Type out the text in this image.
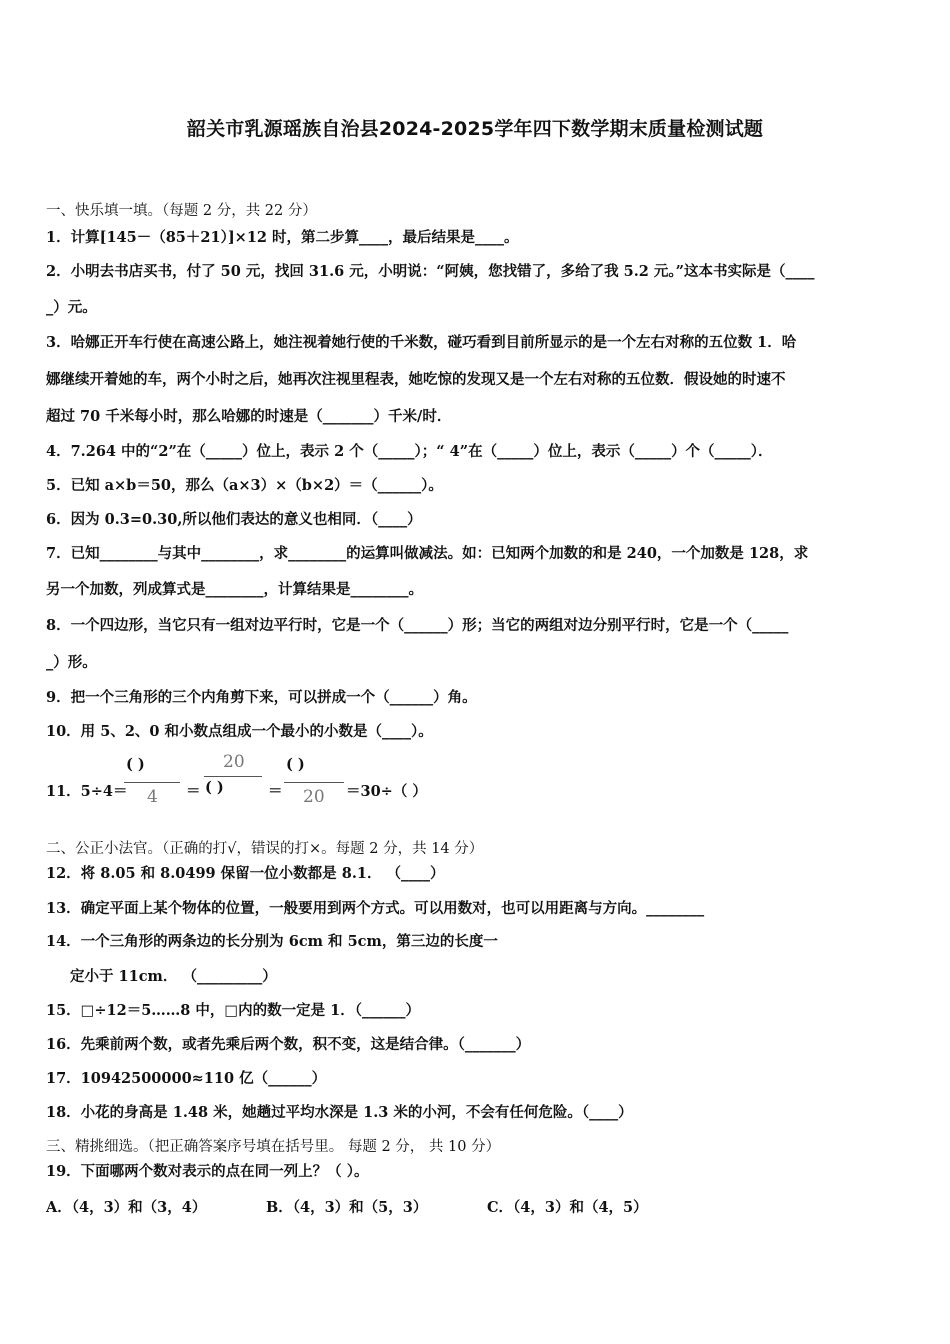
韶关市乳源瑶族自治县2024-2025学年四下数学期末质量检测试题
一、快乐填一填。（每题 2 分，共 22 分）
1．计算[145－（85＋21）]×12 时，第二步算____，最后结果是____。
2．小明去书店买书，付了 50 元，找回 31.6 元，小明说：“阿姨，您找错了，多给了我 5.2 元。”这本书实际是（____
_）元。
3．哈娜正开车行使在高速公路上，她注视着她行使的千米数，碰巧看到目前所显示的是一个左右对称的五位数 1．哈
娜继续开着她的车，两个小时之后，她再次注视里程表，她吃惊的发现又是一个左右对称的五位数．假设她的时速不
超过 70 千米每小时，那么哈娜的时速是（_______）千米/时．
4．7.264 中的“2”在（_____）位上，表示 2 个（_____）；“ 4”在（_____）位上，表示（_____）个（_____）．
5．已知 a×b＝50，那么（a×3）×（b×2）＝（______）。
6．因为 0.3=0.30,所以他们表达的意义也相同．（____）
7．已知________与其中________，求________的运算叫做减法。如：已知两个加数的和是 240，一个加数是 128，求
另一个加数，列成算式是________，计算结果是________。
8．一个四边形，当它只有一组对边平行时，它是一个（______）形；当它的两组对边分别平行时，它是一个（_____
_）形。
9．把一个三角形的三个内角剪下来，可以拼成一个（______）角。
10．用 5、2、0 和小数点组成一个最小的小数是（____）。
11．5÷4＝
( )
4 ＝
20
( )	＝
( )
20 ＝30÷（ ）
二、公正小法官。（正确的打√，错误的打×。每题 2 分，共 14 分）
12．将 8.05 和 8.0499 保留一位小数都是 8.1． （____）
13．确定平面上某个物体的位置，一般要用到两个方式。可以用数对，也可以用距离与方向。________
14．一个三角形的两条边的长分别为 6cm 和 5cm，第三边的长度一
定小于 11cm． （_________）
15．□÷12＝5……8 中，□内的数一定是 1．（______）
16．先乘前两个数，或者先乘后两个数，积不变，这是结合律。（_______）
17．10942500000≈110 亿（______）
18．小花的身高是 1.48 米，她趟过平均水深是 1.3 米的小河，不会有任何危险。（____）
三、精挑细选。（把正确答案序号填在括号里。 每题 2 分， 共 10 分）
19．下面哪两个数对表示的点在同一列上？（ ）。
A．（4，3）和（3，4）	B．（4，3）和（5，3）	C．（4，3）和（4，5）
